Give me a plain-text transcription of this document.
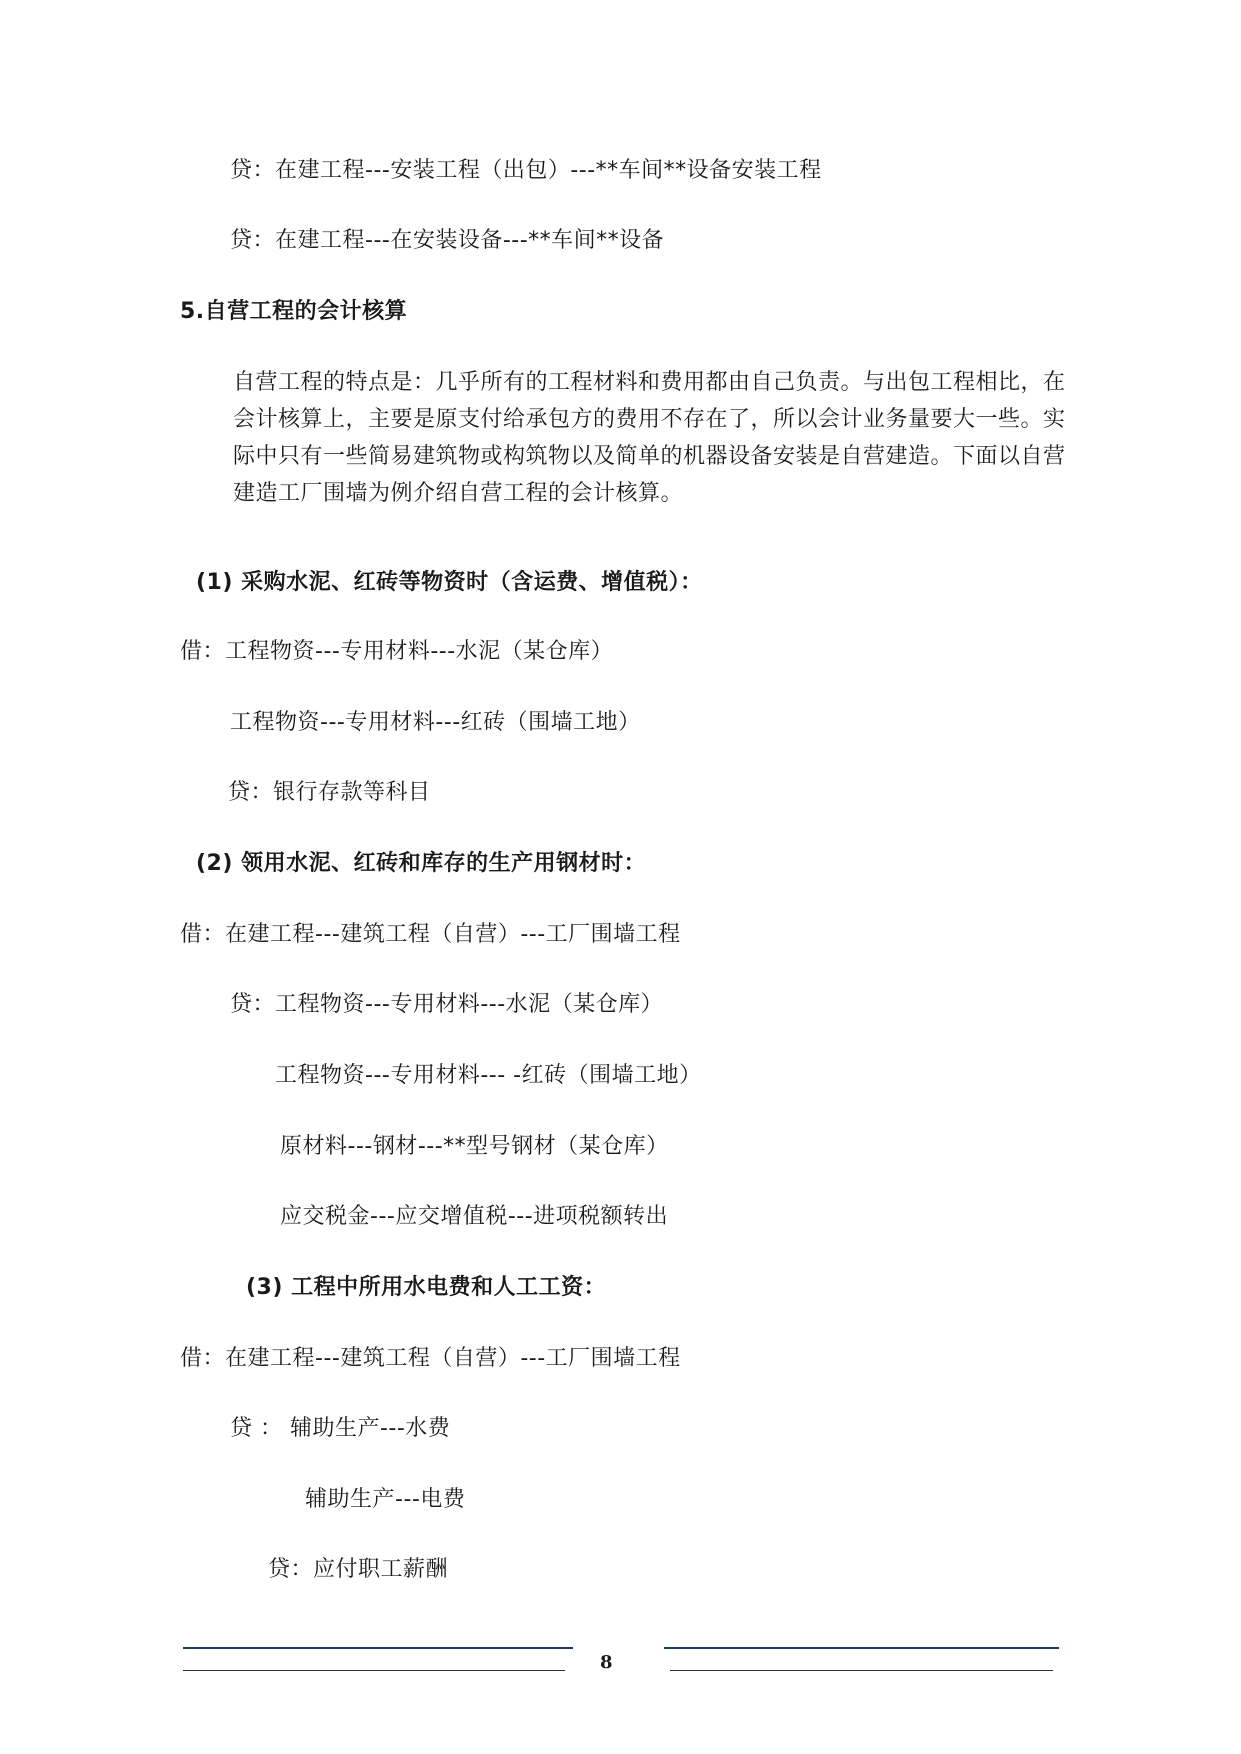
贷：在建工程---安装工程（出包）---**车间**设备安装工程
贷：在建工程---在安装设备---**车间**设备
5.自营工程的会计核算
自营工程的特点是：几乎所有的工程材料和费用都由自己负责。与出包工程相比，在会计核算上，主要是原支付给承包方的费用不存在了，所以会计业务量要大一些。实际中只有一些简易建筑物或构筑物以及简单的机器设备安装是自营建造。下面以自营建造工厂围墙为例介绍自营工程的会计核算。
(1) 采购水泥、红砖等物资时（含运费、增值税）：
借：工程物资---专用材料---水泥（某仓库）
工程物资---专用材料---红砖（围墙工地）
贷：银行存款等科目
(2) 领用水泥、红砖和库存的生产用钢材时：
借：在建工程---建筑工程（自营）---工厂围墙工程
贷：工程物资---专用材料---水泥（某仓库）
工程物资---专用材料--- -红砖（围墙工地）
原材料---钢材---**型号钢材（某仓库）
应交税金---应交增值税---进项税额转出
(3) 工程中所用水电费和人工工资：
借：在建工程---建筑工程（自营）---工厂围墙工程
贷 ： 辅助生产---水费
辅助生产---电费
贷：应付职工薪酬
8
